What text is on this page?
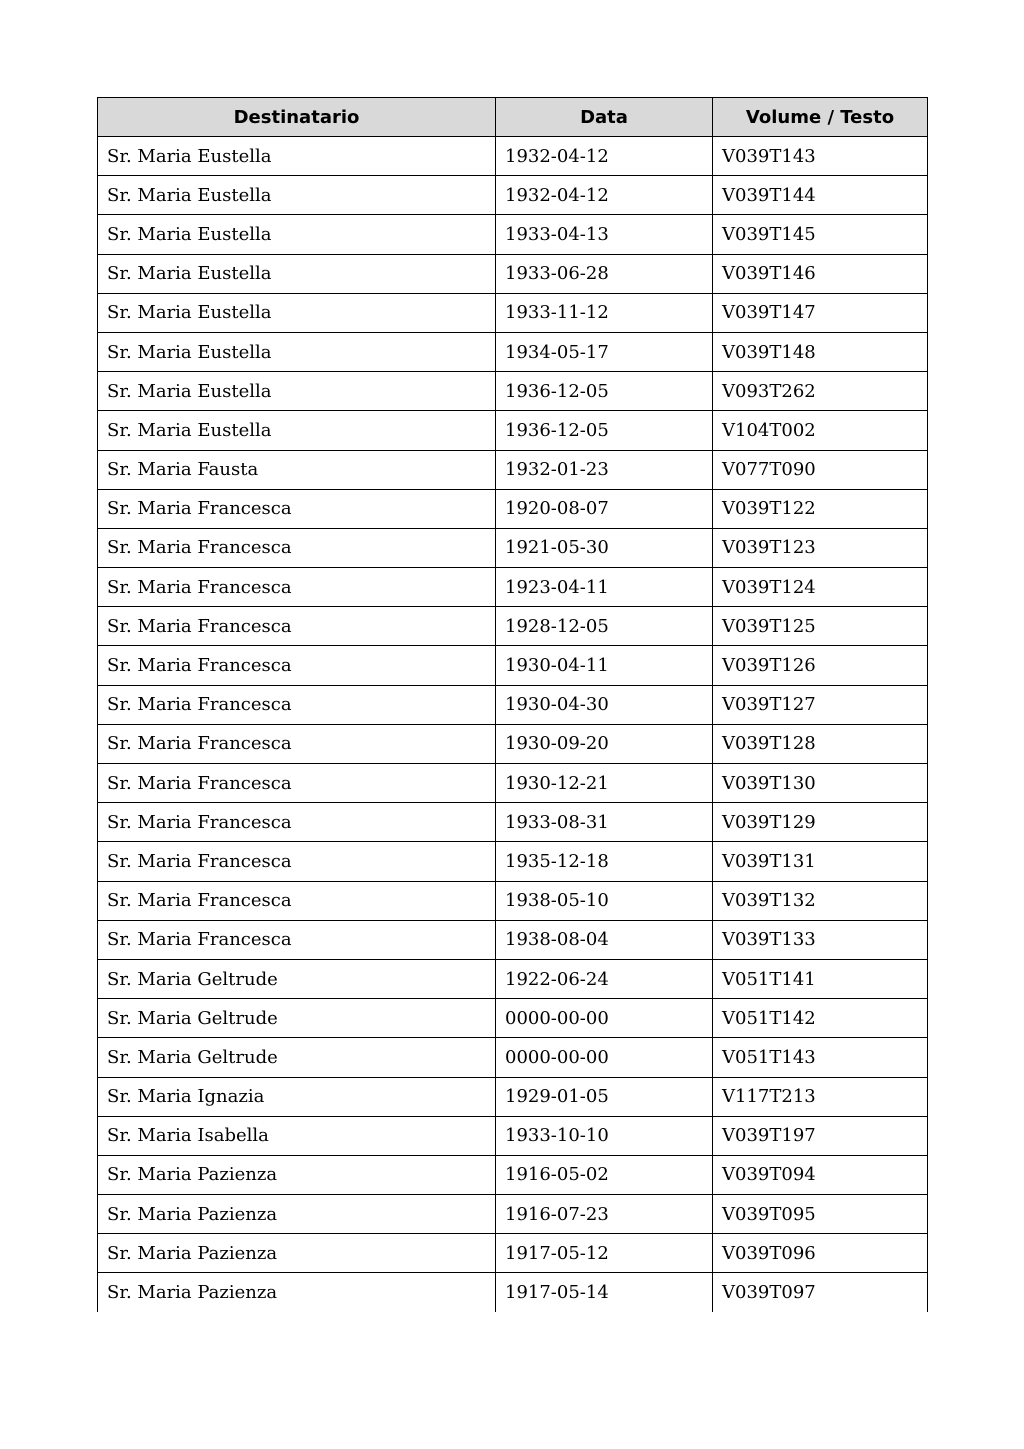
Destinatario	Data	Volume / Testo
Sr. Maria Eustella	1932-04-12	V039T143
Sr. Maria Eustella	1932-04-12	V039T144
Sr. Maria Eustella	1933-04-13	V039T145
Sr. Maria Eustella	1933-06-28	V039T146
Sr. Maria Eustella	1933-11-12	V039T147
Sr. Maria Eustella	1934-05-17	V039T148
Sr. Maria Eustella	1936-12-05	V093T262
Sr. Maria Eustella	1936-12-05	V104T002
Sr. Maria Fausta	1932-01-23	V077T090
Sr. Maria Francesca	1920-08-07	V039T122
Sr. Maria Francesca	1921-05-30	V039T123
Sr. Maria Francesca	1923-04-11	V039T124
Sr. Maria Francesca	1928-12-05	V039T125
Sr. Maria Francesca	1930-04-11	V039T126
Sr. Maria Francesca	1930-04-30	V039T127
Sr. Maria Francesca	1930-09-20	V039T128
Sr. Maria Francesca	1930-12-21	V039T130
Sr. Maria Francesca	1933-08-31	V039T129
Sr. Maria Francesca	1935-12-18	V039T131
Sr. Maria Francesca	1938-05-10	V039T132
Sr. Maria Francesca	1938-08-04	V039T133
Sr. Maria Geltrude	1922-06-24	V051T141
Sr. Maria Geltrude	0000-00-00	V051T142
Sr. Maria Geltrude	0000-00-00	V051T143
Sr. Maria Ignazia	1929-01-05	V117T213
Sr. Maria Isabella	1933-10-10	V039T197
Sr. Maria Pazienza	1916-05-02	V039T094
Sr. Maria Pazienza	1916-07-23	V039T095
Sr. Maria Pazienza	1917-05-12	V039T096
Sr. Maria Pazienza	1917-05-14	V039T097
